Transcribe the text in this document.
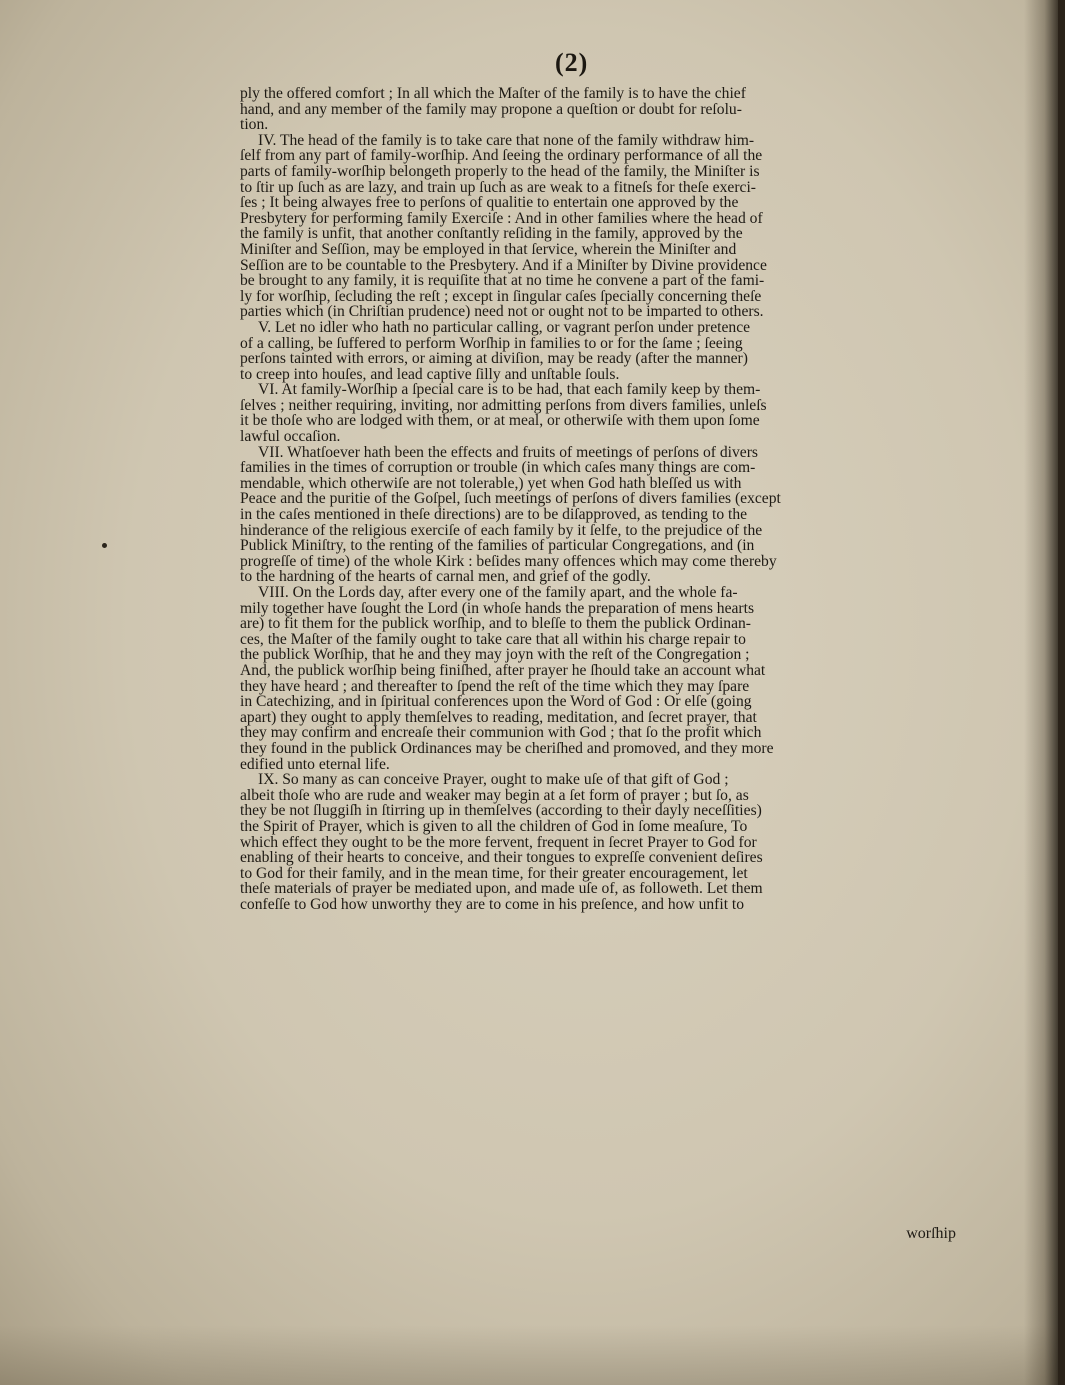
(2)
ply the offered comfort ; In all which the Maſter of the family is to have the chief
hand, and any member of the family may propone a queſtion or doubt for reſolu-
tion.
IV. The head of the family is to take care that none of the family withdraw him-
ſelf from any part of family-worſhip. And ſeeing the ordinary performance of all the
parts of family-worſhip belongeth properly to the head of the family, the Miniſter is
to ſtir up ſuch as are lazy, and train up ſuch as are weak to a fitneſs for theſe exerci-
ſes ; It being alwayes free to perſons of qualitie to entertain one approved by the
Presbytery for performing family Exerciſe : And in other families where the head of
the family is unfit, that another conſtantly reſiding in the family, approved by the
Miniſter and Seſſion, may be employed in that ſervice, wherein the Miniſter and
Seſſion are to be countable to the Presbytery. And if a Miniſter by Divine providence
be brought to any family, it is requiſite that at no time he convene a part of the fami-
ly for worſhip, ſecluding the reſt ; except in ſingular caſes ſpecially concerning theſe
parties which (in Chriſtian prudence) need not or ought not to be imparted to others.
V. Let no idler who hath no particular calling, or vagrant perſon under pretence
of a calling, be ſuffered to perform Worſhip in families to or for the ſame ; ſeeing
perſons tainted with errors, or aiming at diviſion, may be ready (after the manner)
to creep into houſes, and lead captive ſilly and unſtable ſouls.
VI. At family-Worſhip a ſpecial care is to be had, that each family keep by them-
ſelves ; neither requiring, inviting, nor admitting perſons from divers families, unleſs
it be thoſe who are lodged with them, or at meal, or otherwiſe with them upon ſome
lawful occaſion.
VII. Whatſoever hath been the effects and fruits of meetings of perſons of divers
families in the times of corruption or trouble (in which caſes many things are com-
mendable, which otherwiſe are not tolerable,) yet when God hath bleſſed us with
Peace and the puritie of the Goſpel, ſuch meetings of perſons of divers families (except
in the caſes mentioned in theſe directions) are to be diſapproved, as tending to the
hinderance of the religious exerciſe of each family by it ſelfe, to the prejudice of the
Publick Miniſtry, to the renting of the families of particular Congregations, and (in
progreſſe of time) of the whole Kirk : beſides many offences which may come thereby
to the hardning of the hearts of carnal men, and grief of the godly.
VIII. On the Lords day, after every one of the family apart, and the whole fa-
mily together have ſought the Lord (in whoſe hands the preparation of mens hearts
are) to fit them for the publick worſhip, and to bleſſe to them the publick Ordinan-
ces, the Maſter of the family ought to take care that all within his charge repair to
the publick Worſhip, that he and they may joyn with the reſt of the Congregation ;
And, the publick worſhip being finiſhed, after prayer he ſhould take an account what
they have heard ; and thereafter to ſpend the reſt of the time which they may ſpare
in Catechizing, and in ſpiritual conferences upon the Word of God : Or elſe (going
apart) they ought to apply themſelves to reading, meditation, and ſecret prayer, that
they may confirm and encreaſe their communion with God ; that ſo the profit which
they found in the publick Ordinances may be cheriſhed and promoved, and they more
edified unto eternal life.
IX. So many as can conceive Prayer, ought to make uſe of that gift of God ;
albeit thoſe who are rude and weaker may begin at a ſet form of prayer ; but ſo, as
they be not ſluggiſh in ſtirring up in themſelves (according to their dayly neceſſities)
the Spirit of Prayer, which is given to all the children of God in ſome meaſure, To
which effect they ought to be the more fervent, frequent in ſecret Prayer to God for
enabling of their hearts to conceive, and their tongues to expreſſe convenient deſires
to God for their family, and in the mean time, for their greater encouragement, let
theſe materials of prayer be mediated upon, and made uſe of, as followeth. Let them
confeſſe to God how unworthy they are to come in his preſence, and how unfit to
worſhip
